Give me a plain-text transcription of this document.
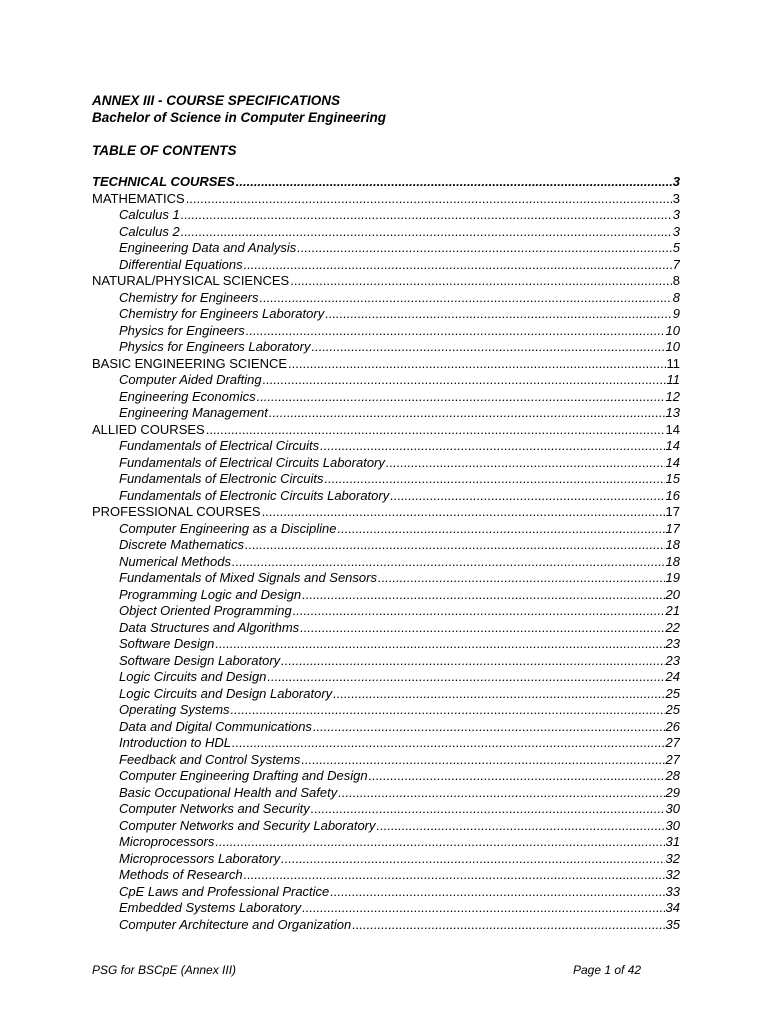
ANNEX III - COURSE SPECIFICATIONS
Bachelor of Science in Computer Engineering
TABLE OF CONTENTS
TECHNICAL COURSES .....	3
MATHEMATICS .....	3
Calculus 1 .....	3
Calculus 2 .....	3
Engineering Data and Analysis .....	5
Differential Equations .....	7
NATURAL/PHYSICAL SCIENCES .....	8
Chemistry for Engineers .....	8
Chemistry for Engineers Laboratory .....	9
Physics for Engineers .....	10
Physics for Engineers Laboratory .....	10
BASIC ENGINEERING SCIENCE .....	11
Computer Aided Drafting .....	11
Engineering Economics .....	12
Engineering Management .....	13
ALLIED COURSES .....	14
Fundamentals of Electrical Circuits .....	14
Fundamentals of Electrical Circuits Laboratory .....	14
Fundamentals of Electronic Circuits .....	15
Fundamentals of Electronic Circuits Laboratory .....	16
PROFESSIONAL COURSES .....	17
Computer Engineering as a Discipline .....	17
Discrete Mathematics .....	18
Numerical Methods .....	18
Fundamentals of Mixed Signals and Sensors .....	19
Programming Logic and Design .....	20
Object Oriented Programming .....	21
Data Structures and Algorithms .....	22
Software Design .....	23
Software Design Laboratory .....	23
Logic Circuits and Design .....	24
Logic Circuits and Design Laboratory .....	25
Operating Systems .....	25
Data and Digital Communications .....	26
Introduction to HDL .....	27
Feedback and Control Systems .....	27
Computer Engineering Drafting and Design .....	28
Basic Occupational Health and Safety .....	29
Computer Networks and Security .....	30
Computer Networks and Security Laboratory .....	30
Microprocessors .....	31
Microprocessors Laboratory .....	32
Methods of Research .....	32
CpE Laws and Professional Practice .....	33
Embedded Systems Laboratory .....	34
Computer Architecture and Organization .....	35
PSG for BSCpE (Annex III)	Page 1 of 42
